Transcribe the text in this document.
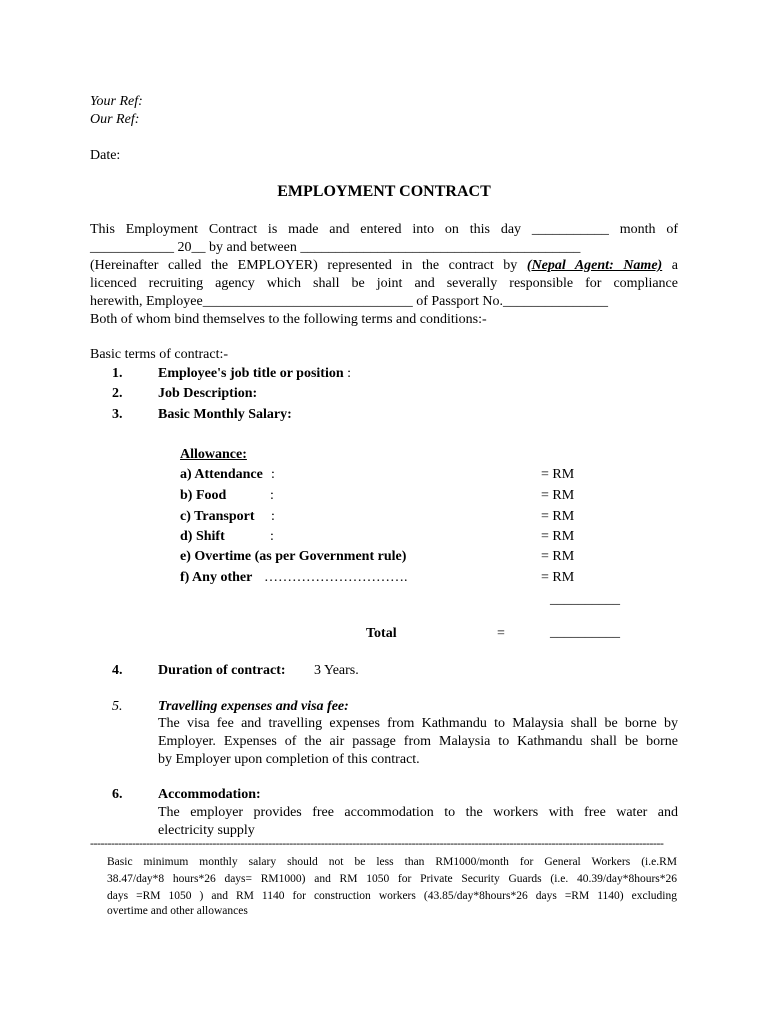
Your Ref:
Our Ref:
Date:
EMPLOYMENT CONTRACT
This Employment Contract is made and entered into on this day ___________ month of
____________ 20__ by and between ________________________________________
(Hereinafter called the EMPLOYER) represented in the contract by (Nepal Agent: Name) a
licenced recruiting agency which shall be joint and severally responsible for compliance
herewith, Employee______________________________ of Passport No._______________
Both of whom bind themselves to the following terms and conditions:-
Basic terms of contract:-
1.	Employee's job title or position :
2.	Job Description:
3.	Basic Monthly Salary:
Allowance:
a) Attendance :	= RM
b) Food	:	= RM
c) Transport :	= RM
d) Shift	:	= RM
e) Overtime (as per Government rule)	= RM
f) Any other ………………………….	= RM
__________
Total	=	__________
4.	Duration of contract: 3 Years.
5.	Travelling expenses and visa fee:
The visa fee and travelling expenses from Kathmandu to Malaysia shall be borne by
Employer. Expenses of the air passage from Malaysia to Kathmandu shall be borne
by Employer upon completion of this contract.
6.	Accommodation:
The employer provides free accommodation to the workers with free water and
electricity supply
--------------------------------------------------------------------------------------------------------------------------------------------------------------------
Basic minimum monthly salary should not be less than RM1000/month for General Workers (i.e.RM
38.47/day*8 hours*26 days= RM1000) and RM 1050 for Private Security Guards (i.e. 40.39/day*8hours*26
days =RM 1050 ) and RM 1140 for construction workers (43.85/day*8hours*26 days =RM 1140) excluding
overtime and other allowances
